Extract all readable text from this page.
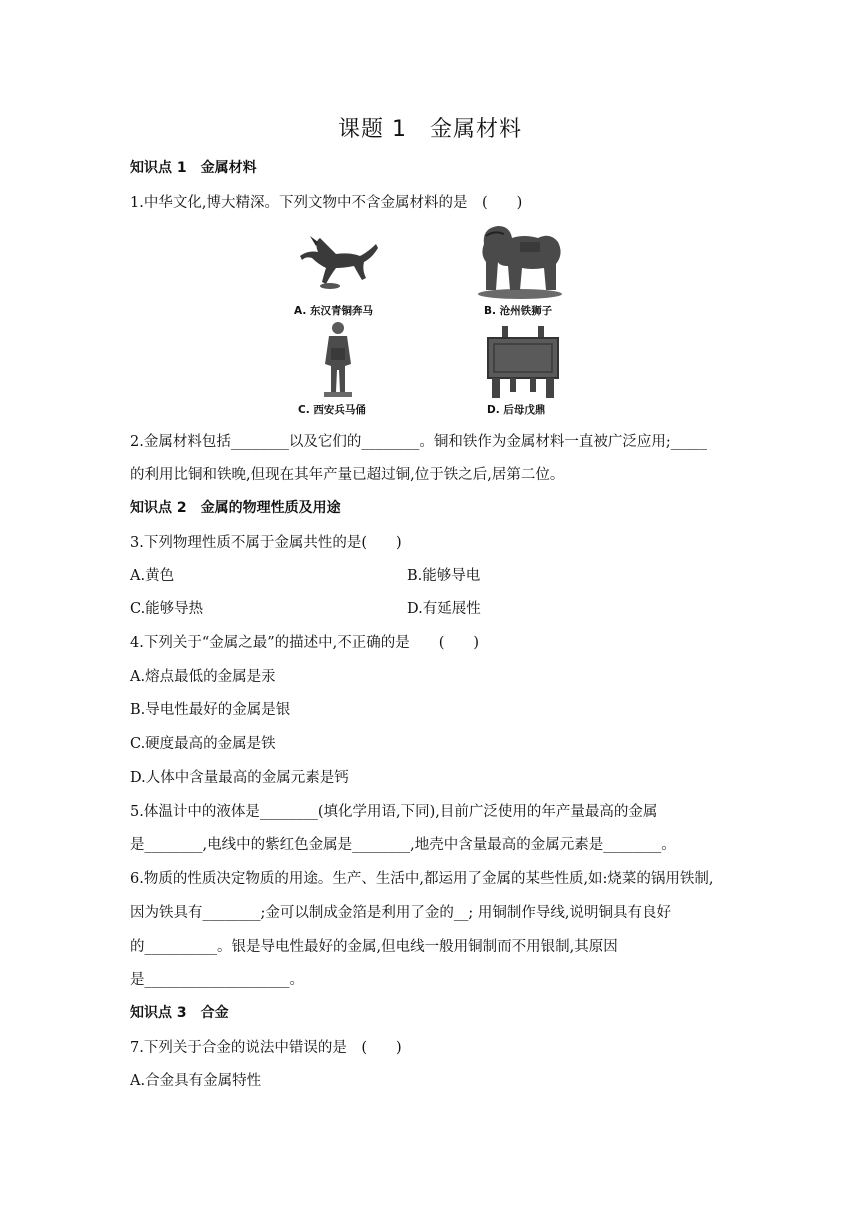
课题 1　金属材料
知识点 1　金属材料
1.中华文化,博大精深。下列文物中不含金属材料的是　(　　)
A. 东汉青铜奔马	B. 沧州铁狮子
C. 西安兵马俑	D. 后母戊鼎
2.金属材料包括________以及它们的________。铜和铁作为金属材料一直被广泛应用;_____
的利用比铜和铁晚,但现在其年产量已超过铜,位于铁之后,居第二位。
知识点 2　金属的物理性质及用途
3.下列物理性质不属于金属共性的是(　　)
A.黄色	B.能够导电
C.能够导热	D.有延展性
4.下列关于“金属之最”的描述中,不正确的是　　(　　)
A.熔点最低的金属是汞
B.导电性最好的金属是银
C.硬度最高的金属是铁
D.人体中含量最高的金属元素是钙
5.体温计中的液体是________(填化学用语,下同),目前广泛使用的年产量最高的金属
是________,电线中的紫红色金属是________,地壳中含量最高的金属元素是________。
6.物质的性质决定物质的用途。生产、生活中,都运用了金属的某些性质,如:烧菜的锅用铁制,
因为铁具有________;金可以制成金箔是利用了金的__; 用铜制作导线,说明铜具有良好
的__________。银是导电性最好的金属,但电线一般用铜制而不用银制,其原因
是____________________。
知识点 3　合金
7.下列关于合金的说法中错误的是　(　　)
A.合金具有金属特性
